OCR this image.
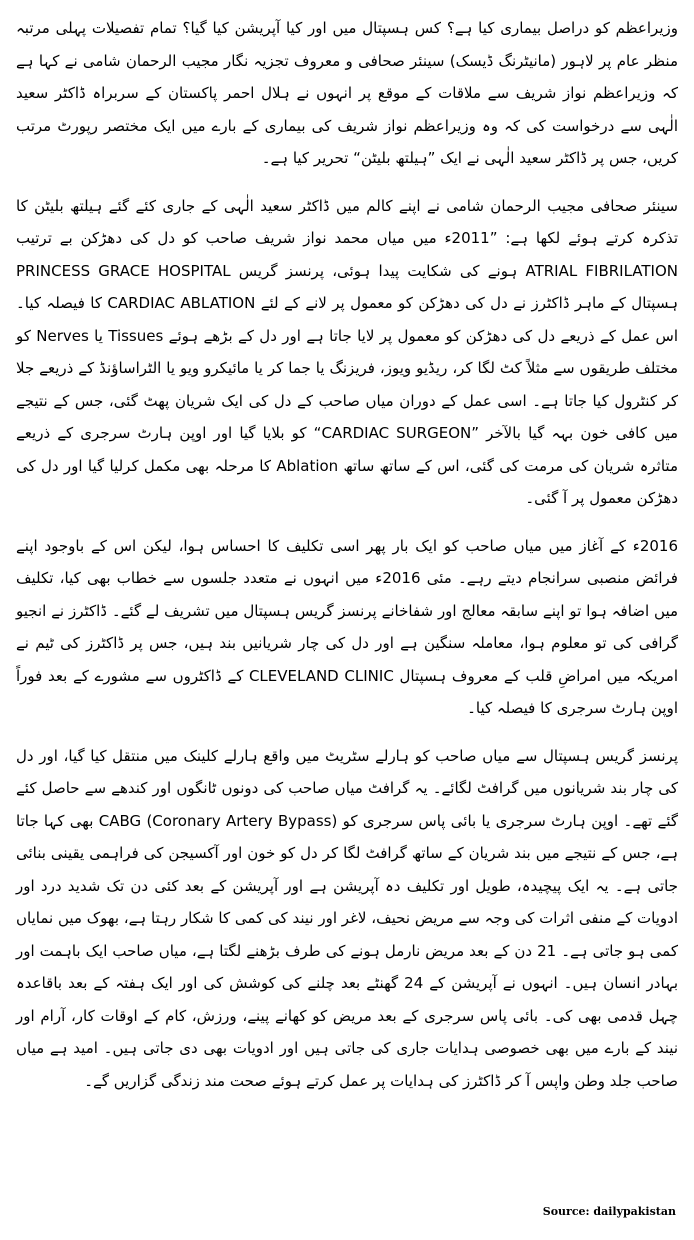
وزیراعظم کو دراصل بیماری کیا ہے؟ کس ہسپتال میں اور کیا آپریشن کیا گیا؟ تمام تفصیلات پہلی مرتبہ منظر عام پر لاہور (مانیٹرنگ ڈیسک) سینئر صحافی و معروف تجزیہ نگار مجیب الرحمان شامی نے کہا ہے کہ وزیراعظم نواز شریف سے ملاقات کے موقع پر انہوں نے ہلال احمر پاکستان کے سربراہ ڈاکٹر سعید الٰہی سے درخواست کی کہ وہ وزیراعظم نواز شریف کی بیماری کے بارے میں ایک مختصر رپورٹ مرتب کریں، جس پر ڈاکٹر سعید الٰہی نے ایک ”ہیلتھ بلیٹن“ تحریر کیا ہے۔

سینئر صحافی مجیب الرحمان شامی نے اپنے کالم میں ڈاکٹر سعید الٰہی کے جاری کئے گئے ہیلتھ بلیٹن کا تذکرہ کرتے ہوئے لکھا ہے: ”2011ء میں میاں محمد نواز شریف صاحب کو دل کی دھڑکن بے ترتیب ATRIAL FIBRILATION ہونے کی شکایت پیدا ہوئی، پرنسز گریس PRINCESS GRACE HOSPITAL ہسپتال کے ماہر ڈاکٹرز نے دل کی دھڑکن کو معمول پر لانے کے لئے CARDIAC ABLATION کا فیصلہ کیا۔ اس عمل کے ذریعے دل کی دھڑکن کو معمول پر لایا جاتا ہے اور دل کے بڑھے ہوئے Tissues یا Nerves کو مختلف طریقوں سے مثلاً کٹ لگا کر، ریڈیو ویوز، فریزنگ یا جما کر یا مائیکرو ویو یا الٹراساؤنڈ کے ذریعے جلا کر کنٹرول کیا جاتا ہے۔ اسی عمل کے دوران میاں صاحب کے دل کی ایک شریان پھٹ گئی، جس کے نتیجے میں کافی خون بہہ گیا بالآخر ”CARDIAC SURGEON“ کو بلایا گیا اور اوپن ہارٹ سرجری کے ذریعے متاثرہ شریان کی مرمت کی گئی، اس کے ساتھ ساتھ Ablation کا مرحلہ بھی مکمل کرلیا گیا اور دل کی دھڑکن معمول پر آ گئی۔

2016ء کے آغاز میں میاں صاحب کو ایک بار پھر اسی تکلیف کا احساس ہوا، لیکن اس کے باوجود اپنے فرائض منصبی سرانجام دیتے رہے۔ مئی 2016ء میں انہوں نے متعدد جلسوں سے خطاب بھی کیا، تکلیف میں اضافہ ہوا تو اپنے سابقہ معالج اور شفاخانے پرنسز گریس ہسپتال میں تشریف لے گئے۔ ڈاکٹرز نے انجیو گرافی کی تو معلوم ہوا، معاملہ سنگین ہے اور دل کی چار شریانیں بند ہیں، جس پر ڈاکٹرز کی ٹیم نے امریکہ میں امراضِ قلب کے معروف ہسپتال CLEVELAND CLINIC کے ڈاکٹروں سے مشورے کے بعد فوراً اوپن ہارٹ سرجری کا فیصلہ کیا۔

پرنسز گریس ہسپتال سے میاں صاحب کو ہارلے سٹریٹ میں واقع ہارلے کلینک میں منتقل کیا گیا، اور دل کی چار بند شریانوں میں گرافٹ لگائے۔ یہ گرافٹ میاں صاحب کی دونوں ٹانگوں اور کندھے سے حاصل کئے گئے تھے۔ اوپن ہارٹ سرجری یا بائی پاس سرجری کو CABG (Coronary Artery Bypass) بھی کہا جاتا ہے، جس کے نتیجے میں بند شریان کے ساتھ گرافٹ لگا کر دل کو خون اور آکسیجن کی فراہمی یقینی بنائی جاتی ہے۔ یہ ایک پیچیدہ، طویل اور تکلیف دہ آپریشن ہے اور آپریشن کے بعد کئی دن تک شدید درد اور ادویات کے منفی اثرات کی وجہ سے مریض نحیف، لاغر اور نیند کی کمی کا شکار رہتا ہے، بھوک میں نمایاں کمی ہو جاتی ہے۔ 21 دن کے بعد مریض نارمل ہونے کی طرف بڑھنے لگتا ہے، میاں صاحب ایک باہمت اور بہادر انسان ہیں۔ انہوں نے آپریشن کے 24 گھنٹے بعد چلنے کی کوشش کی اور ایک ہفتہ کے بعد باقاعدہ چہل قدمی بھی کی۔ بائی پاس سرجری کے بعد مریض کو کھانے پینے، ورزش، کام کے اوقات کار، آرام اور نیند کے بارے میں بھی خصوصی ہدایات جاری کی جاتی ہیں اور ادویات بھی دی جاتی ہیں۔ امید ہے میاں صاحب جلد وطن واپس آ کر ڈاکٹرز کی ہدایات پر عمل کرتے ہوئے صحت مند زندگی گزاریں گے۔

Source: dailypakistan
